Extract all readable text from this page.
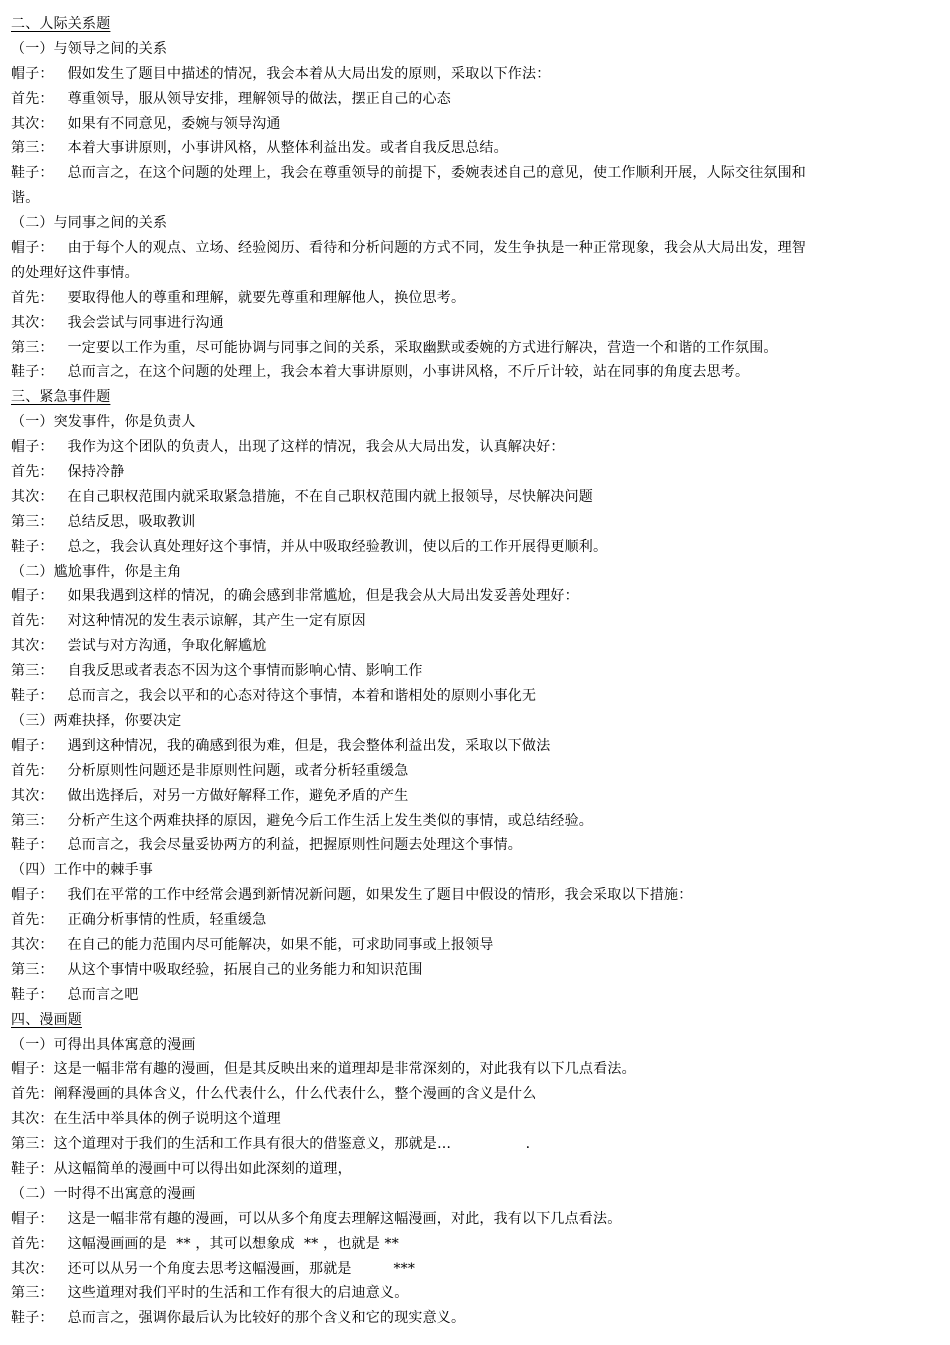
二、人际关系题
（一）与领导之间的关系
帽子： 假如发生了题目中描述的情况，我会本着从大局出发的原则，采取以下作法：
首先： 尊重领导，服从领导安排，理解领导的做法，摆正自己的心态
其次： 如果有不同意见，委婉与领导沟通
第三： 本着大事讲原则，小事讲风格，从整体利益出发。或者自我反思总结。
鞋子： 总而言之，在这个问题的处理上，我会在尊重领导的前提下，委婉表述自己的意见，使工作顺利开展，人际交往氛围和
谐。
（二）与同事之间的关系
帽子： 由于每个人的观点、立场、经验阅历、看待和分析问题的方式不同，发生争执是一种正常现象，我会从大局出发，理智
的处理好这件事情。
首先： 要取得他人的尊重和理解，就要先尊重和理解他人，换位思考。
其次： 我会尝试与同事进行沟通
第三： 一定要以工作为重，尽可能协调与同事之间的关系，采取幽默或委婉的方式进行解决，营造一个和谐的工作氛围。
鞋子： 总而言之，在这个问题的处理上，我会本着大事讲原则，小事讲风格，不斤斤计较，站在同事的角度去思考。
三、紧急事件题
（一）突发事件，你是负责人
帽子： 我作为这个团队的负责人，出现了这样的情况，我会从大局出发，认真解决好：
首先： 保持冷静
其次： 在自己职权范围内就采取紧急措施，不在自己职权范围内就上报领导，尽快解决问题
第三： 总结反思，吸取教训
鞋子： 总之，我会认真处理好这个事情，并从中吸取经验教训，使以后的工作开展得更顺利。
（二）尴尬事件，你是主角
帽子： 如果我遇到这样的情况，的确会感到非常尴尬，但是我会从大局出发妥善处理好：
首先： 对这种情况的发生表示谅解，其产生一定有原因
其次： 尝试与对方沟通，争取化解尴尬
第三： 自我反思或者表态不因为这个事情而影响心情、影响工作
鞋子： 总而言之，我会以平和的心态对待这个事情，本着和谐相处的原则小事化无
（三）两难抉择，你要决定
帽子： 遇到这种情况，我的确感到很为难，但是，我会整体利益出发，采取以下做法
首先： 分析原则性问题还是非原则性问题，或者分析轻重缓急
其次： 做出选择后，对另一方做好解释工作，避免矛盾的产生
第三： 分析产生这个两难抉择的原因，避免今后工作生活上发生类似的事情，或总结经验。
鞋子： 总而言之，我会尽量妥协两方的利益，把握原则性问题去处理这个事情。
（四）工作中的棘手事
帽子： 我们在平常的工作中经常会遇到新情况新问题，如果发生了题目中假设的情形，我会采取以下措施：
首先： 正确分析事情的性质，轻重缓急
其次： 在自己的能力范围内尽可能解决，如果不能，可求助同事或上报领导
第三： 从这个事情中吸取经验，拓展自己的业务能力和知识范围
鞋子： 总而言之吧
四、漫画题
（一）可得出具体寓意的漫画
帽子：这是一幅非常有趣的漫画，但是其反映出来的道理却是非常深刻的，对此我有以下几点看法。
首先：阐释漫画的具体含义，什么代表什么，什么代表什么，整个漫画的含义是什么
其次：在生活中举具体的例子说明这个道理
第三：这个道理对于我们的生活和工作具有很大的借鉴意义，那就是…                .
鞋子：从这幅简单的漫画中可以得出如此深刻的道理，
（二）一时得不出寓意的漫画
帽子： 这是一幅非常有趣的漫画，可以从多个角度去理解这幅漫画，对此，我有以下几点看法。
首先： 这幅漫画画的是  ** ，其可以想象成  ** ，也就是 **
其次： 还可以从另一个角度去思考这幅漫画，那就是         ***
第三： 这些道理对我们平时的生活和工作有很大的启迪意义。
鞋子： 总而言之，强调你最后认为比较好的那个含义和它的现实意义。
